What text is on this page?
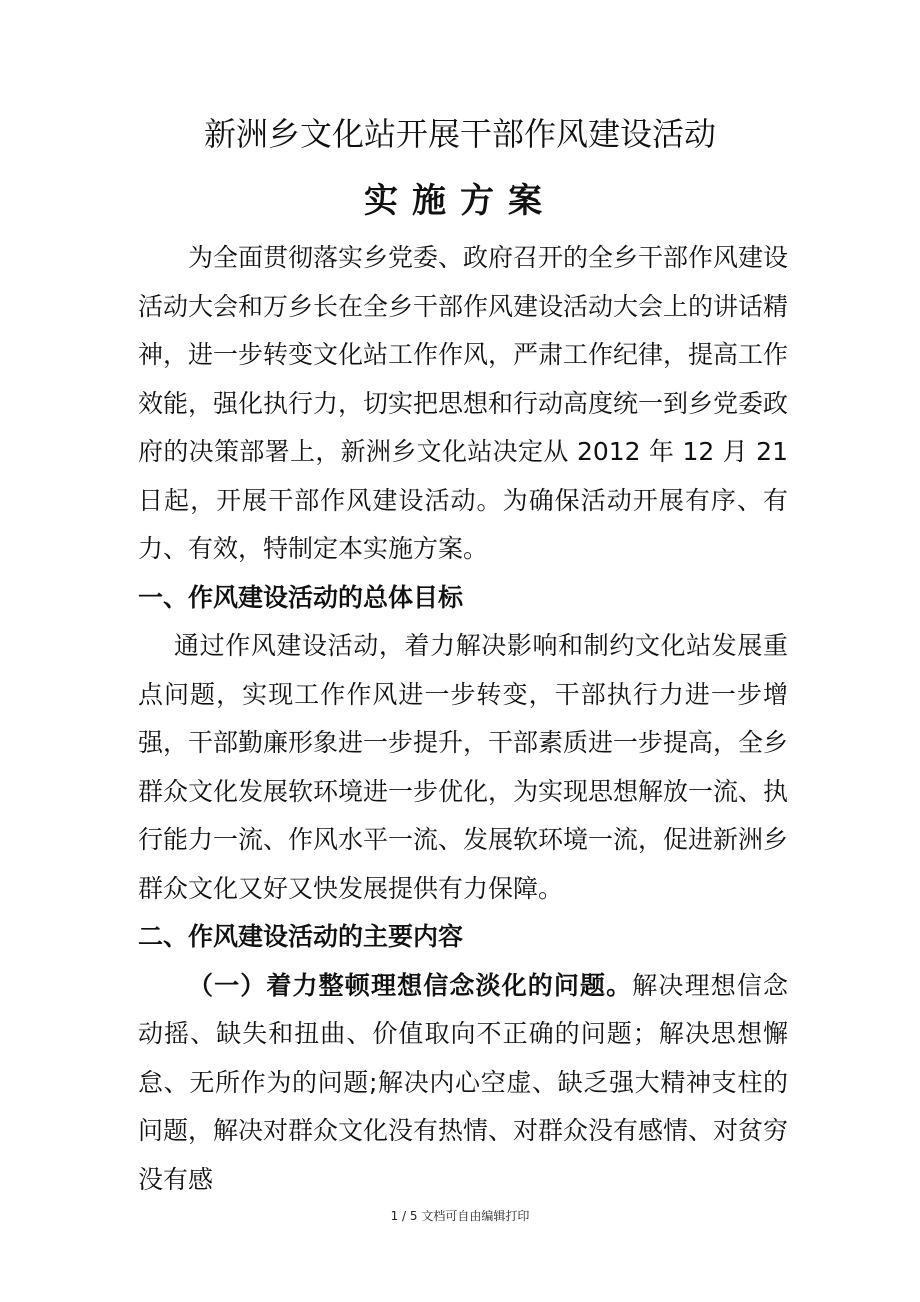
新洲乡文化站开展干部作风建设活动
实施方案

为全面贯彻落实乡党委、政府召开的全乡干部作风建设活动大会和万乡长在全乡干部作风建设活动大会上的讲话精神，进一步转变文化站工作作风，严肃工作纪律，提高工作效能，强化执行力，切实把思想和行动高度统一到乡党委政府的决策部署上，新洲乡文化站决定从 2012 年 12 月 21 日起，开展干部作风建设活动。为确保活动开展有序、有力、有效，特制定本实施方案。

一、作风建设活动的总体目标

通过作风建设活动，着力解决影响和制约文化站发展重点问题，实现工作作风进一步转变，干部执行力进一步增强，干部勤廉形象进一步提升，干部素质进一步提高，全乡群众文化发展软环境进一步优化，为实现思想解放一流、执行能力一流、作风水平一流、发展软环境一流，促进新洲乡群众文化又好又快发展提供有力保障。

二、作风建设活动的主要内容

（一）着力整顿理想信念淡化的问题。解决理想信念动摇、缺失和扭曲、价值取向不正确的问题；解决思想懈怠、无所作为的问题;解决内心空虚、缺乏强大精神支柱的问题，解决对群众文化没有热情、对群众没有感情、对贫穷没有感

1 / 5 文档可自由编辑打印
